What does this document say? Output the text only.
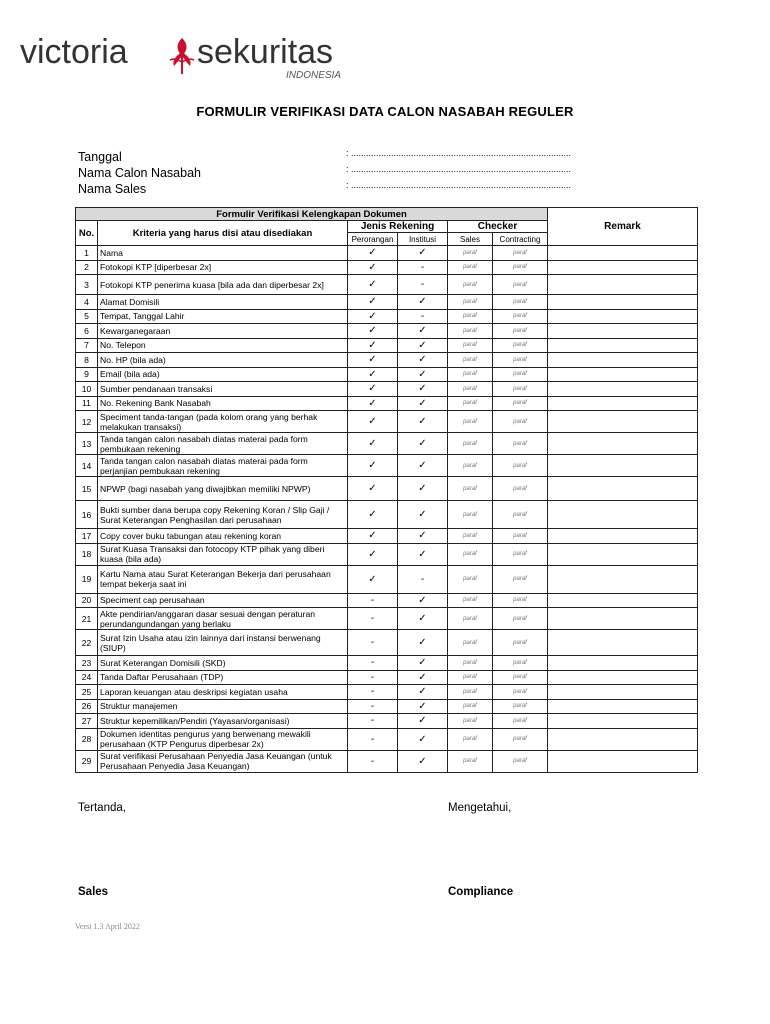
victoria sekuritas
INDONESIA
FORMULIR VERIFIKASI DATA CALON NASABAH REGULER
Tanggal	: ........................................................................................
Nama Calon Nasabah	: ........................................................................................
Nama Sales	: ........................................................................................
Formulir Verifikasi Kelengkapan Dokumen						Remark
No.	Kriteria yang harus disi atau disediakan	Jenis Rekening		Checker		
		Perorangan	Institusi	Sales	Contracting	
1	Nama	✓	✓	paraf	paraf	
2	Fotokopi KTP [diperbesar 2x]	✓	-	paraf	paraf	
3	Fotokopi KTP penerima kuasa [bila ada dan diperbesar 2x]	✓	-	paraf	paraf	
4	Alamat Domisili	✓	✓	paraf	paraf	
5	Tempat, Tanggal Lahir	✓	-	paraf	paraf	
6	Kewarganegaraan	✓	✓	paraf	paraf	
7	No. Telepon	✓	✓	paraf	paraf	
8	No. HP (bila ada)	✓	✓	paraf	paraf	
9	Email (bila ada)	✓	✓	paraf	paraf	
10	Sumber pendanaan transaksi	✓	✓	paraf	paraf	
11	No. Rekening Bank Nasabah	✓	✓	paraf	paraf	
12	Speciment tanda-tangan (pada kolom orang yang berhak melakukan transaksi)	✓	✓	paraf	paraf	
13	Tanda tangan calon nasabah diatas materai pada form pembukaan rekening	✓	✓	paraf	paraf	
14	Tanda tangan calon nasabah diatas materai pada form perjanjian pembukaan rekening	✓	✓	paraf	paraf	
15	NPWP (bagi nasabah yang diwajibkan memiliki NPWP)	✓	✓	paraf	paraf	
16	Bukti sumber dana berupa copy Rekening Koran / Slip Gaji / Surat Keterangan Penghasilan dari perusahaan	✓	✓	paraf	paraf	
17	Copy cover buku tabungan atau rekening koran	✓	✓	paraf	paraf	
18	Surat Kuasa Transaksi dan fotocopy KTP pihak yang diberi kuasa (bila ada)	✓	✓	paraf	paraf	
19	Kartu Nama atau Surat Keterangan Bekerja dari perusahaan tempat bekerja saat ini	✓	-	paraf	paraf	
20	Speciment cap perusahaan	-	✓	paraf	paraf	
21	Akte pendirian/anggaran dasar sesuai dengan peraturan perundangundangan yang berlaku	-	✓	paraf	paraf	
22	Surat Izin Usaha atau izin lainnya dari instansi berwenang (SIUP)	-	✓	paraf	paraf	
23	Surat Keterangan Domisili (SKD)	-	✓	paraf	paraf	
24	Tanda Daftar Perusahaan (TDP)	-	✓	paraf	paraf	
25	Laporan keuangan atau deskripsi kegiatan usaha	-	✓	paraf	paraf	
26	Struktur manajemen	-	✓	paraf	paraf	
27	Struktur kepemilikan/Pendiri (Yayasan/organisasi)	-	✓	paraf	paraf	
28	Dokumen identitas pengurus yang berwenang mewakili perusahaan (KTP Pengurus diperbesar 2x)	-	✓	paraf	paraf	
29	Surat verifikasi Perusahaan Penyedia Jasa Keuangan (untuk Perusahaan Penyedia Jasa Keuangan)	-	✓	paraf	paraf	
Tertanda,	Mengetahui,
Sales	Compliance
Versi 1.3 April 2022
